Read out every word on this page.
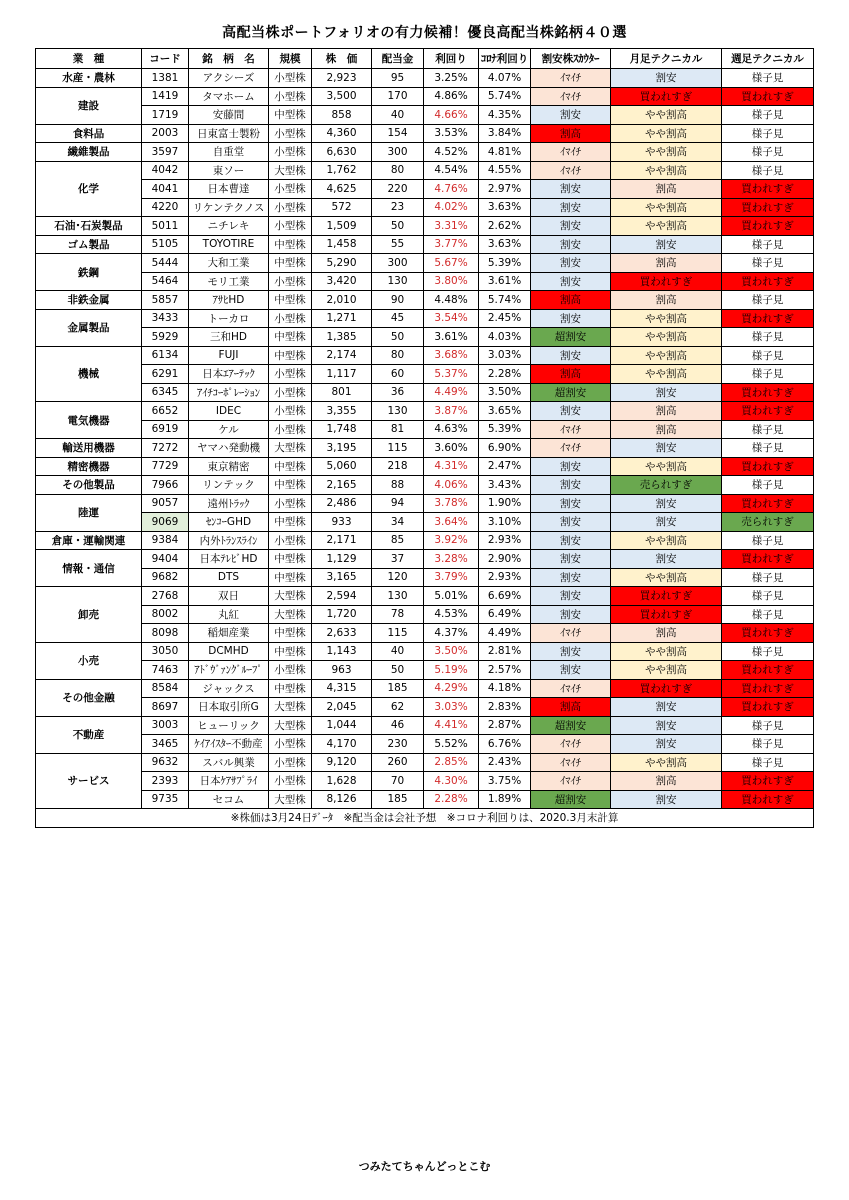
高配当株ポートフォリオの有力候補！優良高配当株銘柄４０選
業　種	コード	銘　柄　名	規模	株　価	配当金	利回り	ｺﾛﾅ利回り	割安株ｽｶｳﾀｰ	月足テクニカル	週足テクニカル
水産・農林	1381	アクシーズ	小型株	2,923	95	3.25%	4.07%	ｲﾏｲﾁ	割安	様子見
建設	1419	タマホーム	小型株	3,500	170	4.86%	5.74%	ｲﾏｲﾁ	買われすぎ	買われすぎ
	1719	安藤間	中型株	858	40	4.66%	4.35%	割安	やや割高	様子見
食料品	2003	日東富士製粉	小型株	4,360	154	3.53%	3.84%	割高	やや割高	様子見
繊維製品	3597	自重堂	小型株	6,630	300	4.52%	4.81%	ｲﾏｲﾁ	やや割高	様子見
化学	4042	東ソー	大型株	1,762	80	4.54%	4.55%	ｲﾏｲﾁ	やや割高	様子見
	4041	日本曹達	小型株	4,625	220	4.76%	2.97%	割安	割高	買われすぎ
	4220	リケンテクノス	小型株	572	23	4.02%	3.63%	割安	やや割高	買われすぎ
石油･石炭製品	5011	ニチレキ	小型株	1,509	50	3.31%	2.62%	割安	やや割高	買われすぎ
ゴム製品	5105	TOYOTIRE	中型株	1,458	55	3.77%	3.63%	割安	割安	様子見
鉄鋼	5444	大和工業	中型株	5,290	300	5.67%	5.39%	割安	割高	様子見
	5464	モリ工業	小型株	3,420	130	3.80%	3.61%	割安	買われすぎ	買われすぎ
非鉄金属	5857	ｱｻﾋHD	中型株	2,010	90	4.48%	5.74%	割高	割高	様子見
金属製品	3433	トーカロ	小型株	1,271	45	3.54%	2.45%	割安	やや割高	買われすぎ
	5929	三和HD	中型株	1,385	50	3.61%	4.03%	超割安	やや割高	様子見
機械	6134	FUJI	中型株	2,174	80	3.68%	3.03%	割安	やや割高	様子見
	6291	日本ｴｱｰﾃｯｸ	小型株	1,117	60	5.37%	2.28%	割高	やや割高	様子見
	6345	ｱｲﾁｺｰﾎﾟﾚｰｼｮﾝ	小型株	801	36	4.49%	3.50%	超割安	割安	買われすぎ
電気機器	6652	IDEC	小型株	3,355	130	3.87%	3.65%	割安	割高	買われすぎ
	6919	ケル	小型株	1,748	81	4.63%	5.39%	ｲﾏｲﾁ	割高	様子見
輸送用機器	7272	ヤマハ発動機	大型株	3,195	115	3.60%	6.90%	ｲﾏｲﾁ	割安	様子見
精密機器	7729	東京精密	中型株	5,060	218	4.31%	2.47%	割安	やや割高	買われすぎ
その他製品	7966	リンテック	中型株	2,165	88	4.06%	3.43%	割安	売られすぎ	様子見
陸運	9057	遠州ﾄﾗｯｸ	小型株	2,486	94	3.78%	1.90%	割安	割安	買われすぎ
	9069	ｾﾝｺｰGHD	中型株	933	34	3.64%	3.10%	割安	割安	売られすぎ
倉庫・運輸関連	9384	内外ﾄﾗﾝｽﾗｲﾝ	小型株	2,171	85	3.92%	2.93%	割安	やや割高	様子見
情報・通信	9404	日本ﾃﾚﾋﾞHD	中型株	1,129	37	3.28%	2.90%	割安	割安	買われすぎ
	9682	DTS	中型株	3,165	120	3.79%	2.93%	割安	やや割高	様子見
卸売	2768	双日	大型株	2,594	130	5.01%	6.69%	割安	買われすぎ	様子見
	8002	丸紅	大型株	1,720	78	4.53%	6.49%	割安	買われすぎ	様子見
	8098	稲畑産業	中型株	2,633	115	4.37%	4.49%	ｲﾏｲﾁ	割高	買われすぎ
小売	3050	DCMHD	中型株	1,143	40	3.50%	2.81%	割安	やや割高	様子見
	7463	ｱﾄﾞｳﾞｧﾝｸﾞﾙｰﾌﾟ	小型株	963	50	5.19%	2.57%	割安	やや割高	買われすぎ
その他金融	8584	ジャックス	中型株	4,315	185	4.29%	4.18%	ｲﾏｲﾁ	買われすぎ	買われすぎ
	8697	日本取引所G	大型株	2,045	62	3.03%	2.83%	割高	割安	買われすぎ
不動産	3003	ヒューリック	大型株	1,044	46	4.41%	2.87%	超割安	割安	様子見
	3465	ｹｲｱｲｽﾀｰ不動産	小型株	4,170	230	5.52%	6.76%	ｲﾏｲﾁ	割安	様子見
サービス	9632	スバル興業	小型株	9,120	260	2.85%	2.43%	ｲﾏｲﾁ	やや割高	様子見
	2393	日本ｹｱｻﾌﾟﾗｲ	小型株	1,628	70	4.30%	3.75%	ｲﾏｲﾁ	割高	買われすぎ
	9735	セコム	大型株	8,126	185	2.28%	1.89%	超割安	割安	買われすぎ
※株価は3月24日ﾃﾞｰﾀ　※配当金は会社予想　※コロナ利回りは、2020.3月末計算										
つみたてちゃんどっとこむ
